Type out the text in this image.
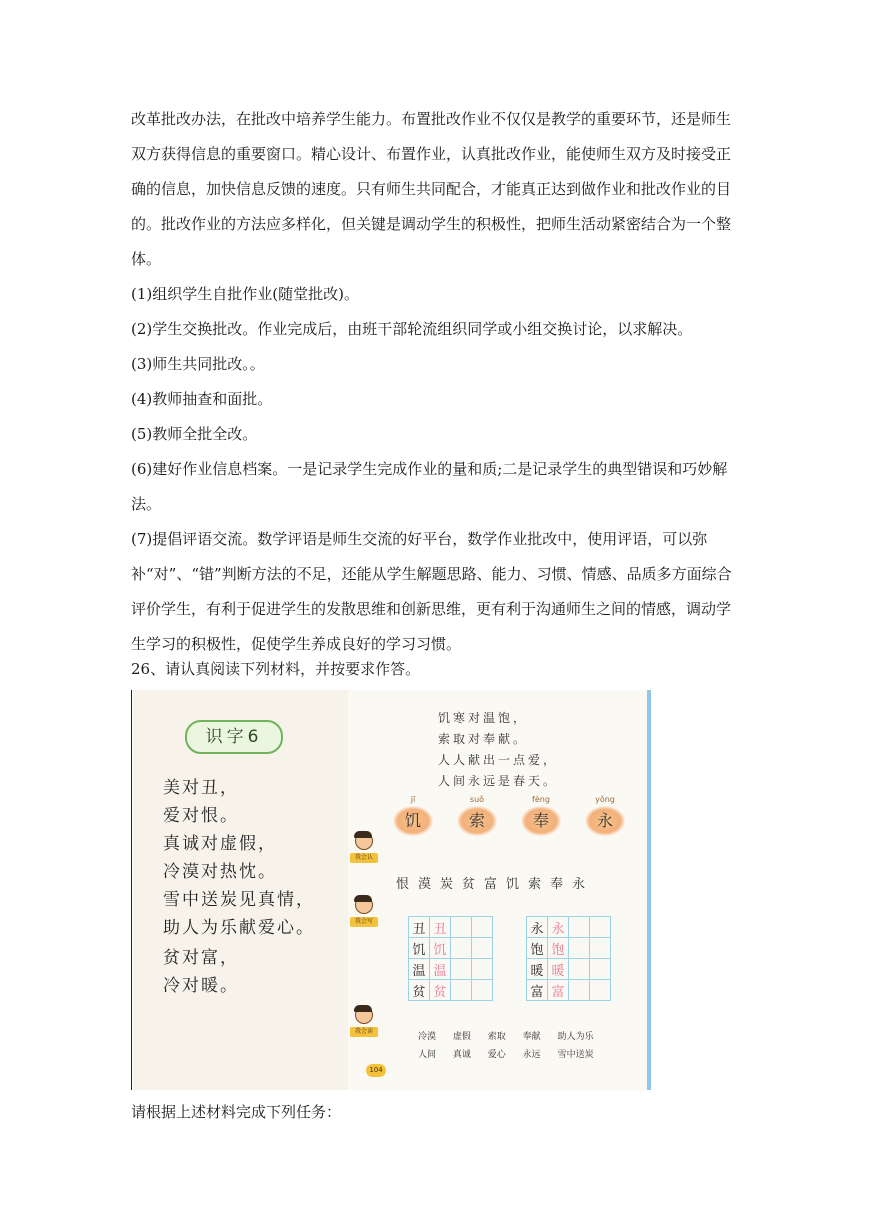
改革批改办法，在批改中培养学生能力。布置批改作业不仅仅是教学的重要环节，还是师生双方获得信息的重要窗口。精心设计、布置作业，认真批改作业，能使师生双方及时接受正确的信息，加快信息反馈的速度。只有师生共同配合，才能真正达到做作业和批改作业的目的。批改作业的方法应多样化，但关键是调动学生的积极性，把师生活动紧密结合为一个整体。

(1)组织学生自批作业(随堂批改)。

(2)学生交换批改。作业完成后，由班干部轮流组织同学或小组交换讨论，以求解决。

(3)师生共同批改。。

(4)教师抽查和面批。

(5)教师全批全改。

(6)建好作业信息档案。一是记录学生完成作业的量和质;二是记录学生的典型错误和巧妙解法。

(7)提倡评语交流。数学评语是师生交流的好平台，数学作业批改中，使用评语，可以弥补“对”、“错”判断方法的不足，还能从学生解题思路、能力、习惯、情感、品质多方面综合评价学生，有利于促进学生的发散思维和创新思维，更有利于沟通师生之间的情感，调动学生学习的积极性，促使学生养成良好的学习习惯。

26、请认真阅读下列材料，并按要求作答。
识字6
美对丑，
爱对恨。
真诚对虚假，
冷漠对热忱。
雪中送炭见真情，
助人为乐献爱心。
贫对富，
冷对暖。
饥寒对温饱，
索取对奉献。
人人献出一点爱，
人间永远是春天。
jī
饥
suǒ
索
fèng
奉
yǒng
永
我会认
恨漠炭贫富饥索奉永
我会写	丑	丑		
饥	饥		
温	温		
贫	贫		
永	永		
饱	饱		
暖	暖		
富	富		
我会读
冷漠 虚假 索取 奉献 助人为乐
人间 真诚 爱心 永远 雪中送炭
104
请根据上述材料完成下列任务：
